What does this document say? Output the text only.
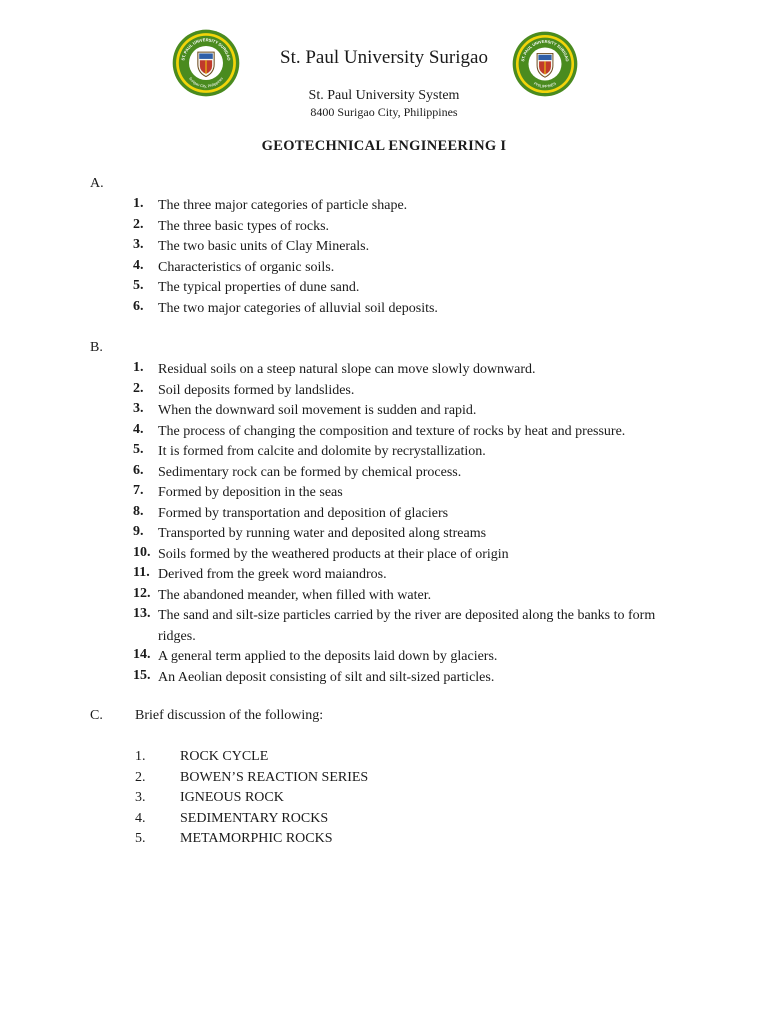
ST. PAUL UNIVERSITY SURIGAO
Surigao City, Philippines
St. Paul University Surigao
St. Paul University System
8400 Surigao City, Philippines
ST. PAUL UNIVERSITY SURIGAO
PHILIPPINES
GEOTECHNICAL ENGINEERING I
A.
1. The three major categories of particle shape.
2. The three basic types of rocks.
3. The two basic units of Clay Minerals.
4. Characteristics of organic soils.
5. The typical properties of dune sand.
6. The two major categories of alluvial soil deposits.
B.
1. Residual soils on a steep natural slope can move slowly downward.
2. Soil deposits formed by landslides.
3. When the downward soil movement is sudden and rapid.
4. The process of changing the composition and texture of rocks by heat and pressure.
5. It is formed from calcite and dolomite by recrystallization.
6. Sedimentary rock can be formed by chemical process.
7. Formed by deposition in the seas
8. Formed by transportation and deposition of glaciers
9. Transported by running water and deposited along streams
10. Soils formed by the weathered products at their place of origin
11. Derived from the greek word maiandros.
12. The abandoned meander, when filled with water.
13. The sand and silt-size particles carried by the river are deposited along the banks to form ridges.
14. A general term applied to the deposits laid down by glaciers.
15. An Aeolian deposit consisting of silt and silt-sized particles.
C. Brief discussion of the following:
1. ROCK CYCLE
2. BOWEN’S REACTION SERIES
3. IGNEOUS ROCK
4. SEDIMENTARY ROCKS
5. METAMORPHIC ROCKS
